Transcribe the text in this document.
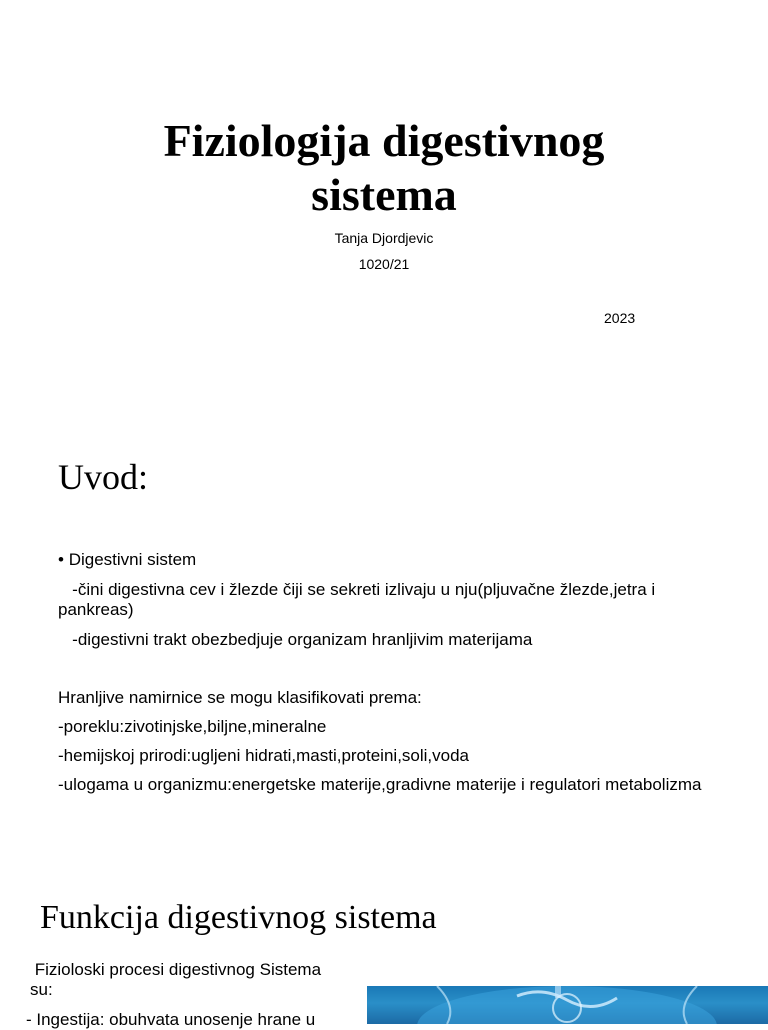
Fiziologija digestivnog
sistema
Tanja Djordjevic
1020/21
2023
Uvod:
• Digestivni sistem
-čini digestivna cev i žlezde čiji se sekreti izlivaju u nju(pljuvačne žlezde,jetra i pankreas)
-digestivni trakt obezbedjuje organizam hranljivim materijama
Hranljive namirnice se mogu klasifikovati prema:
-poreklu:zivotinjske,biljne,mineralne
-hemijskoj prirodi:ugljeni hidrati,masti,proteini,soli,voda
-ulogama u organizmu:energetske materije,gradivne materije i regulatori metabolizma
Funkcija digestivnog sistema
Fizioloski procesi digestivnog Sistema su:
- Ingestija: obuhvata unosenje hrane u
